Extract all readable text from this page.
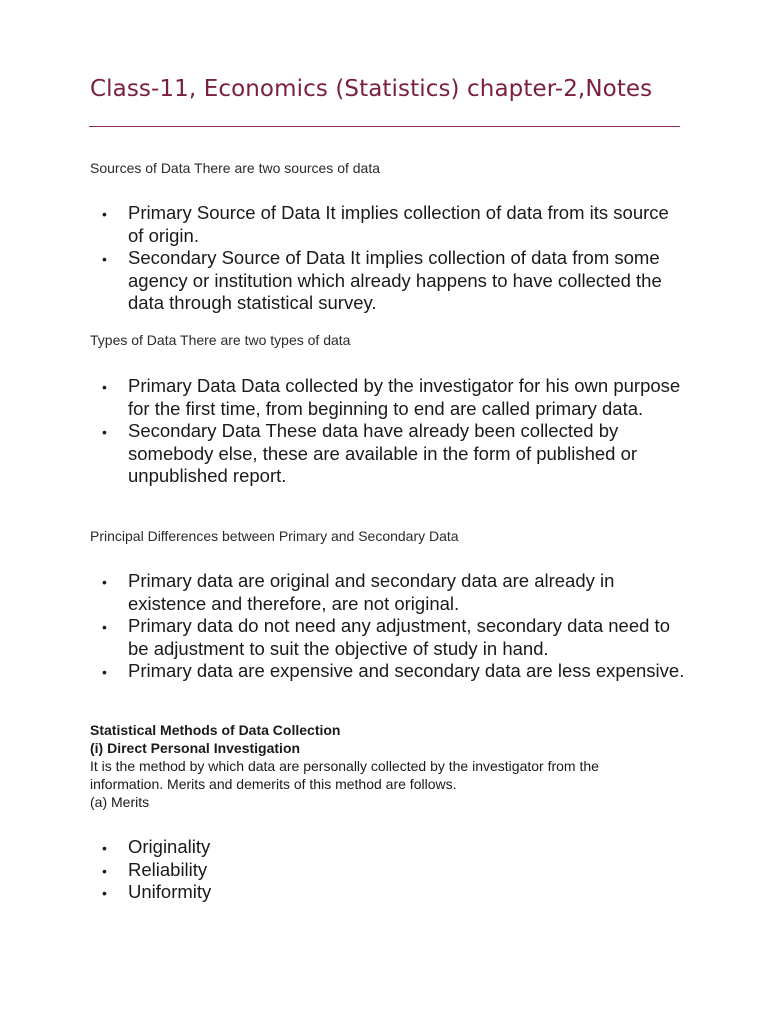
Class-11, Economics (Statistics) chapter-2,Notes

Sources of Data There are two sources of data

• Primary Source of Data It implies collection of data from its source of origin.
• Secondary Source of Data It implies collection of data from some agency or institution which already happens to have collected the data through statistical survey.

Types of Data There are two types of data

• Primary Data Data collected by the investigator for his own purpose for the first time, from beginning to end are called primary data.
• Secondary Data These data have already been collected by somebody else, these are available in the form of published or unpublished report.

Principal Differences between Primary and Secondary Data

• Primary data are original and secondary data are already in existence and therefore, are not original.
• Primary data do not need any adjustment, secondary data need to be adjustment to suit the objective of study in hand.
• Primary data are expensive and secondary data are less expensive.

Statistical Methods of Data Collection

(i) Direct Personal Investigation

It is the method by which data are personally collected by the investigator from the information. Merits and demerits of this method are follows.

(a) Merits

• Originality
• Reliability
• Uniformity
